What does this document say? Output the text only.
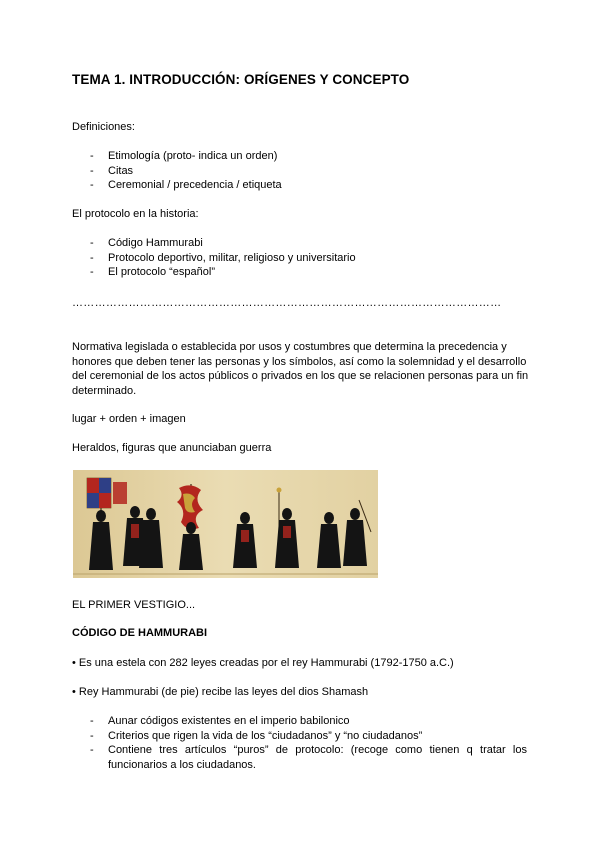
TEMA 1. INTRODUCCIÓN: ORÍGENES Y CONCEPTO
Definiciones:
- Etimología (proto- indica un orden)
- Citas
- Ceremonial / precedencia / etiqueta
El protocolo en la historia:
- Código Hammurabi
- Protocolo deportivo, militar, religioso y universitario
- El protocolo “español”
……………………………………………………………………………………………………
Normativa legislada o establecida por usos y costumbres que determina la precedencia y honores que deben tener las personas y los símbolos, así como la solemnidad y el desarrollo del ceremonial de los actos públicos o privados en los que se relacionen personas para un fin determinado.
lugar + orden + imagen
Heraldos, figuras que anunciaban guerra
EL PRIMER VESTIGIO...
CÓDIGO DE HAMMURABI
• Es una estela con 282 leyes creadas por el rey Hammurabi (1792-1750 a.C.)
• Rey Hammurabi (de pie) recibe las leyes del dios Shamash
- Aunar códigos existentes en el imperio babilonico
- Criterios que rigen la vida de los “ciudadanos” y “no ciudadanos”
- Contiene tres artículos “puros” de protocolo: (recoge como tienen q tratar los funcionarios a los ciudadanos.
